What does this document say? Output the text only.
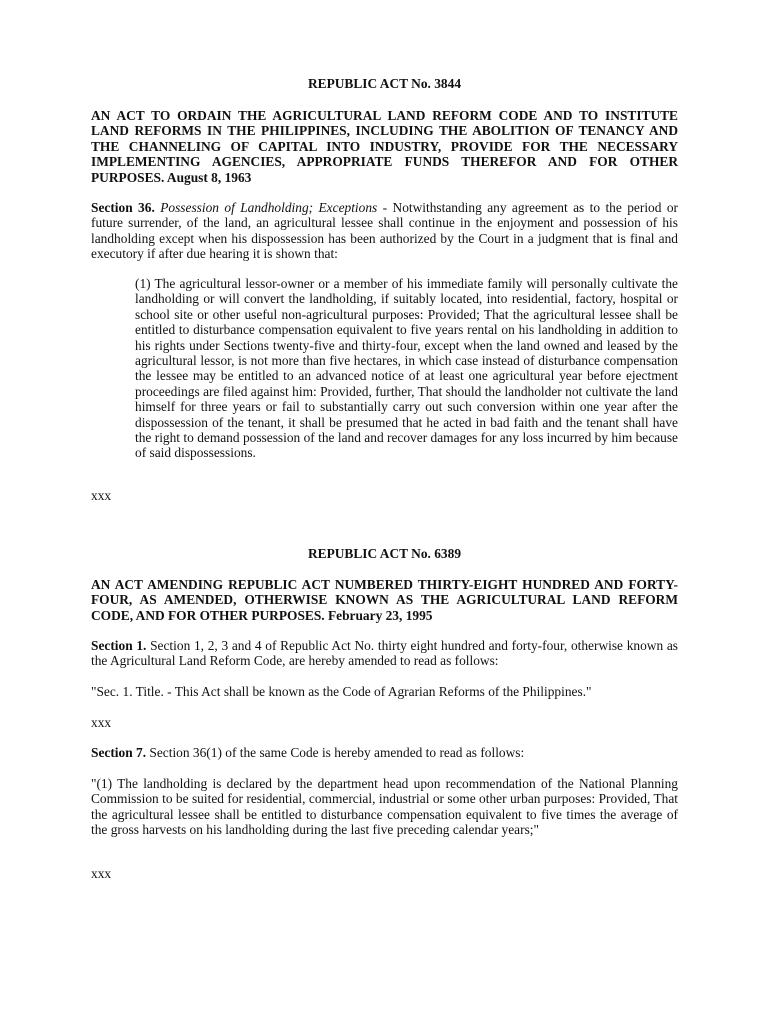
REPUBLIC ACT No. 3844

AN ACT TO ORDAIN THE AGRICULTURAL LAND REFORM CODE AND TO INSTITUTE LAND REFORMS IN THE PHILIPPINES, INCLUDING THE ABOLITION OF TENANCY AND THE CHANNELING OF CAPITAL INTO INDUSTRY, PROVIDE FOR THE NECESSARY IMPLEMENTING AGENCIES, APPROPRIATE FUNDS THEREFOR AND FOR OTHER PURPOSES. August 8, 1963

Section 36. Possession of Landholding; Exceptions - Notwithstanding any agreement as to the period or future surrender, of the land, an agricultural lessee shall continue in the enjoyment and possession of his landholding except when his dispossession has been authorized by the Court in a judgment that is final and executory if after due hearing it is shown that:

(1) The agricultural lessor-owner or a member of his immediate family will personally cultivate the landholding or will convert the landholding, if suitably located, into residential, factory, hospital or school site or other useful non-agricultural purposes: Provided; That the agricultural lessee shall be entitled to disturbance compensation equivalent to five years rental on his landholding in addition to his rights under Sections twenty-five and thirty-four, except when the land owned and leased by the agricultural lessor, is not more than five hectares, in which case instead of disturbance compensation the lessee may be entitled to an advanced notice of at least one agricultural year before ejectment proceedings are filed against him: Provided, further, That should the landholder not cultivate the land himself for three years or fail to substantially carry out such conversion within one year after the dispossession of the tenant, it shall be presumed that he acted in bad faith and the tenant shall have the right to demand possession of the land and recover damages for any loss incurred by him because of said dispossessions.

xxx

REPUBLIC ACT No. 6389

AN ACT AMENDING REPUBLIC ACT NUMBERED THIRTY-EIGHT HUNDRED AND FORTY-FOUR, AS AMENDED, OTHERWISE KNOWN AS THE AGRICULTURAL LAND REFORM CODE, AND FOR OTHER PURPOSES. February 23, 1995

Section 1. Section 1, 2, 3 and 4 of Republic Act No. thirty eight hundred and forty-four, otherwise known as the Agricultural Land Reform Code, are hereby amended to read as follows:

"Sec. 1. Title. - This Act shall be known as the Code of Agrarian Reforms of the Philippines."

xxx

Section 7. Section 36(1) of the same Code is hereby amended to read as follows:

"(1) The landholding is declared by the department head upon recommendation of the National Planning Commission to be suited for residential, commercial, industrial or some other urban purposes: Provided, That the agricultural lessee shall be entitled to disturbance compensation equivalent to five times the average of the gross harvests on his landholding during the last five preceding calendar years;"

xxx
